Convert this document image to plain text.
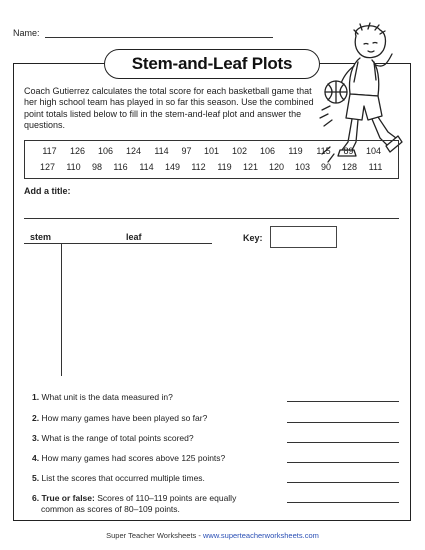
Name:
Stem-and-Leaf Plots
Coach Gutierrez calculates the total score for each basketball game that her high school team has played in so far this season. Use the combined point totals listed below to fill in the stem-and-leaf plot and answer the questions.
117	126	106	124	114	97	101	102	106	119	115	89	104
127	110	98	116	114	149	112	119	121	120	103	90	128	111
Add a title:
stem	leaf	Key:
1. What unit is the data measured in?
2. How many games have been played so far?
3. What is the range of total points scored?
4. How many games had scores above 125 points?
5. List the scores that occurred multiple times.
6. True or false: Scores of 110–119 points are equally
common as scores of 80–109 points.
Super Teacher Worksheets - www.superteacherworksheets.com
